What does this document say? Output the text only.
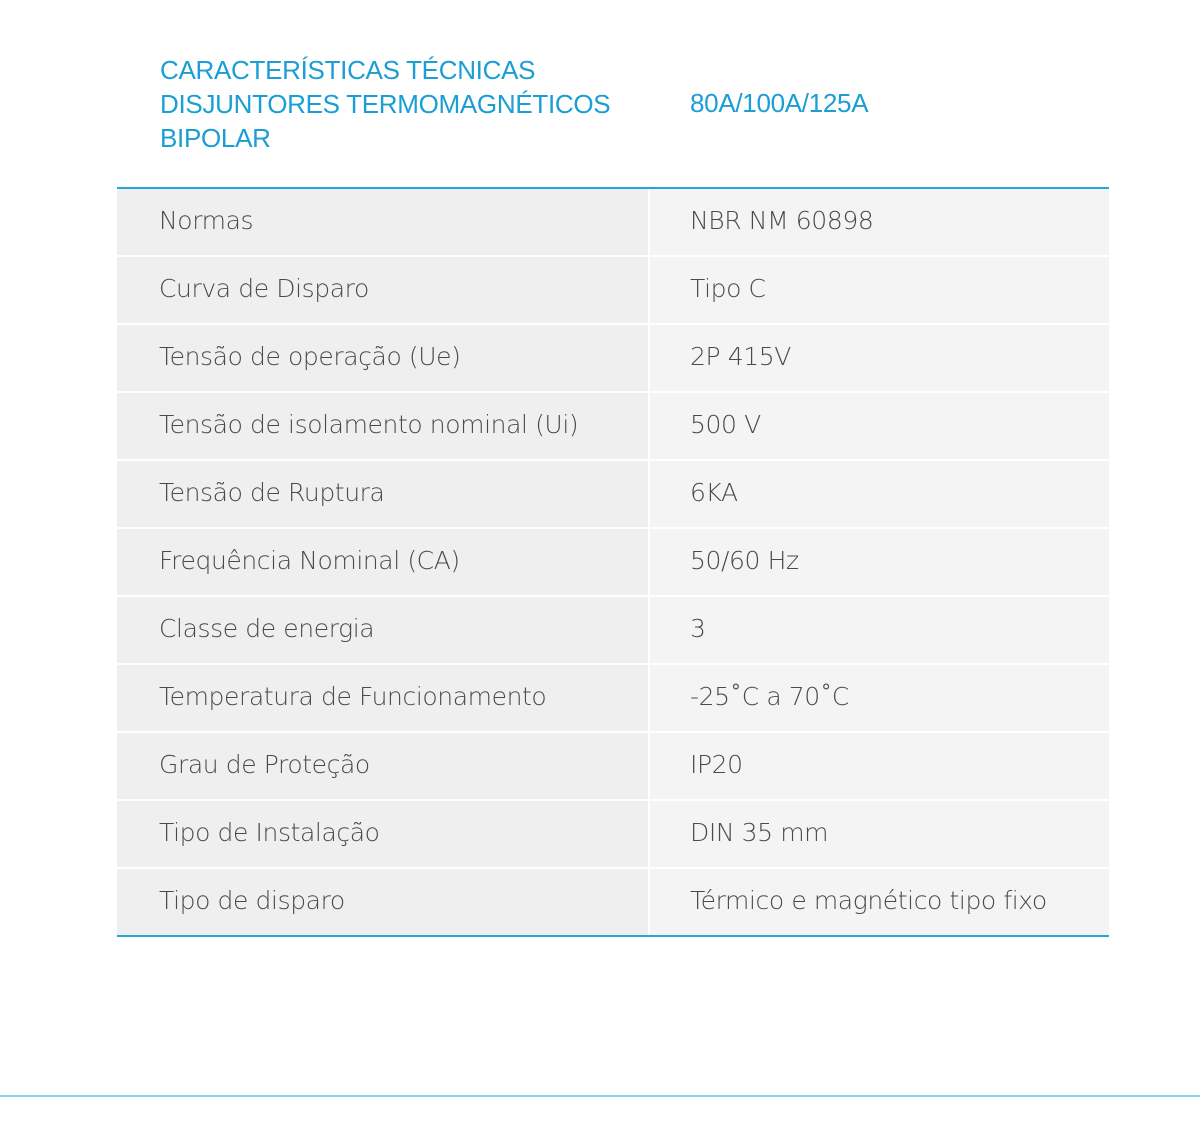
CARACTERÍSTICAS TÉCNICAS
DISJUNTORES TERMOMAGNÉTICOS
BIPOLAR
80A/100A/125A
Normas	NBR NM 60898
Curva de Disparo	Tipo C
Tensão de operação (Ue)	2P 415V
Tensão de isolamento nominal (Ui)	500 V
Tensão de Ruptura	6KA
Frequência Nominal (CA)	50/60 Hz
Classe de energia	3
Temperatura de Funcionamento	-25˚C a 70˚C
Grau de Proteção	IP20
Tipo de Instalação	DIN 35 mm
Tipo de disparo	Térmico e magnético tipo fixo
